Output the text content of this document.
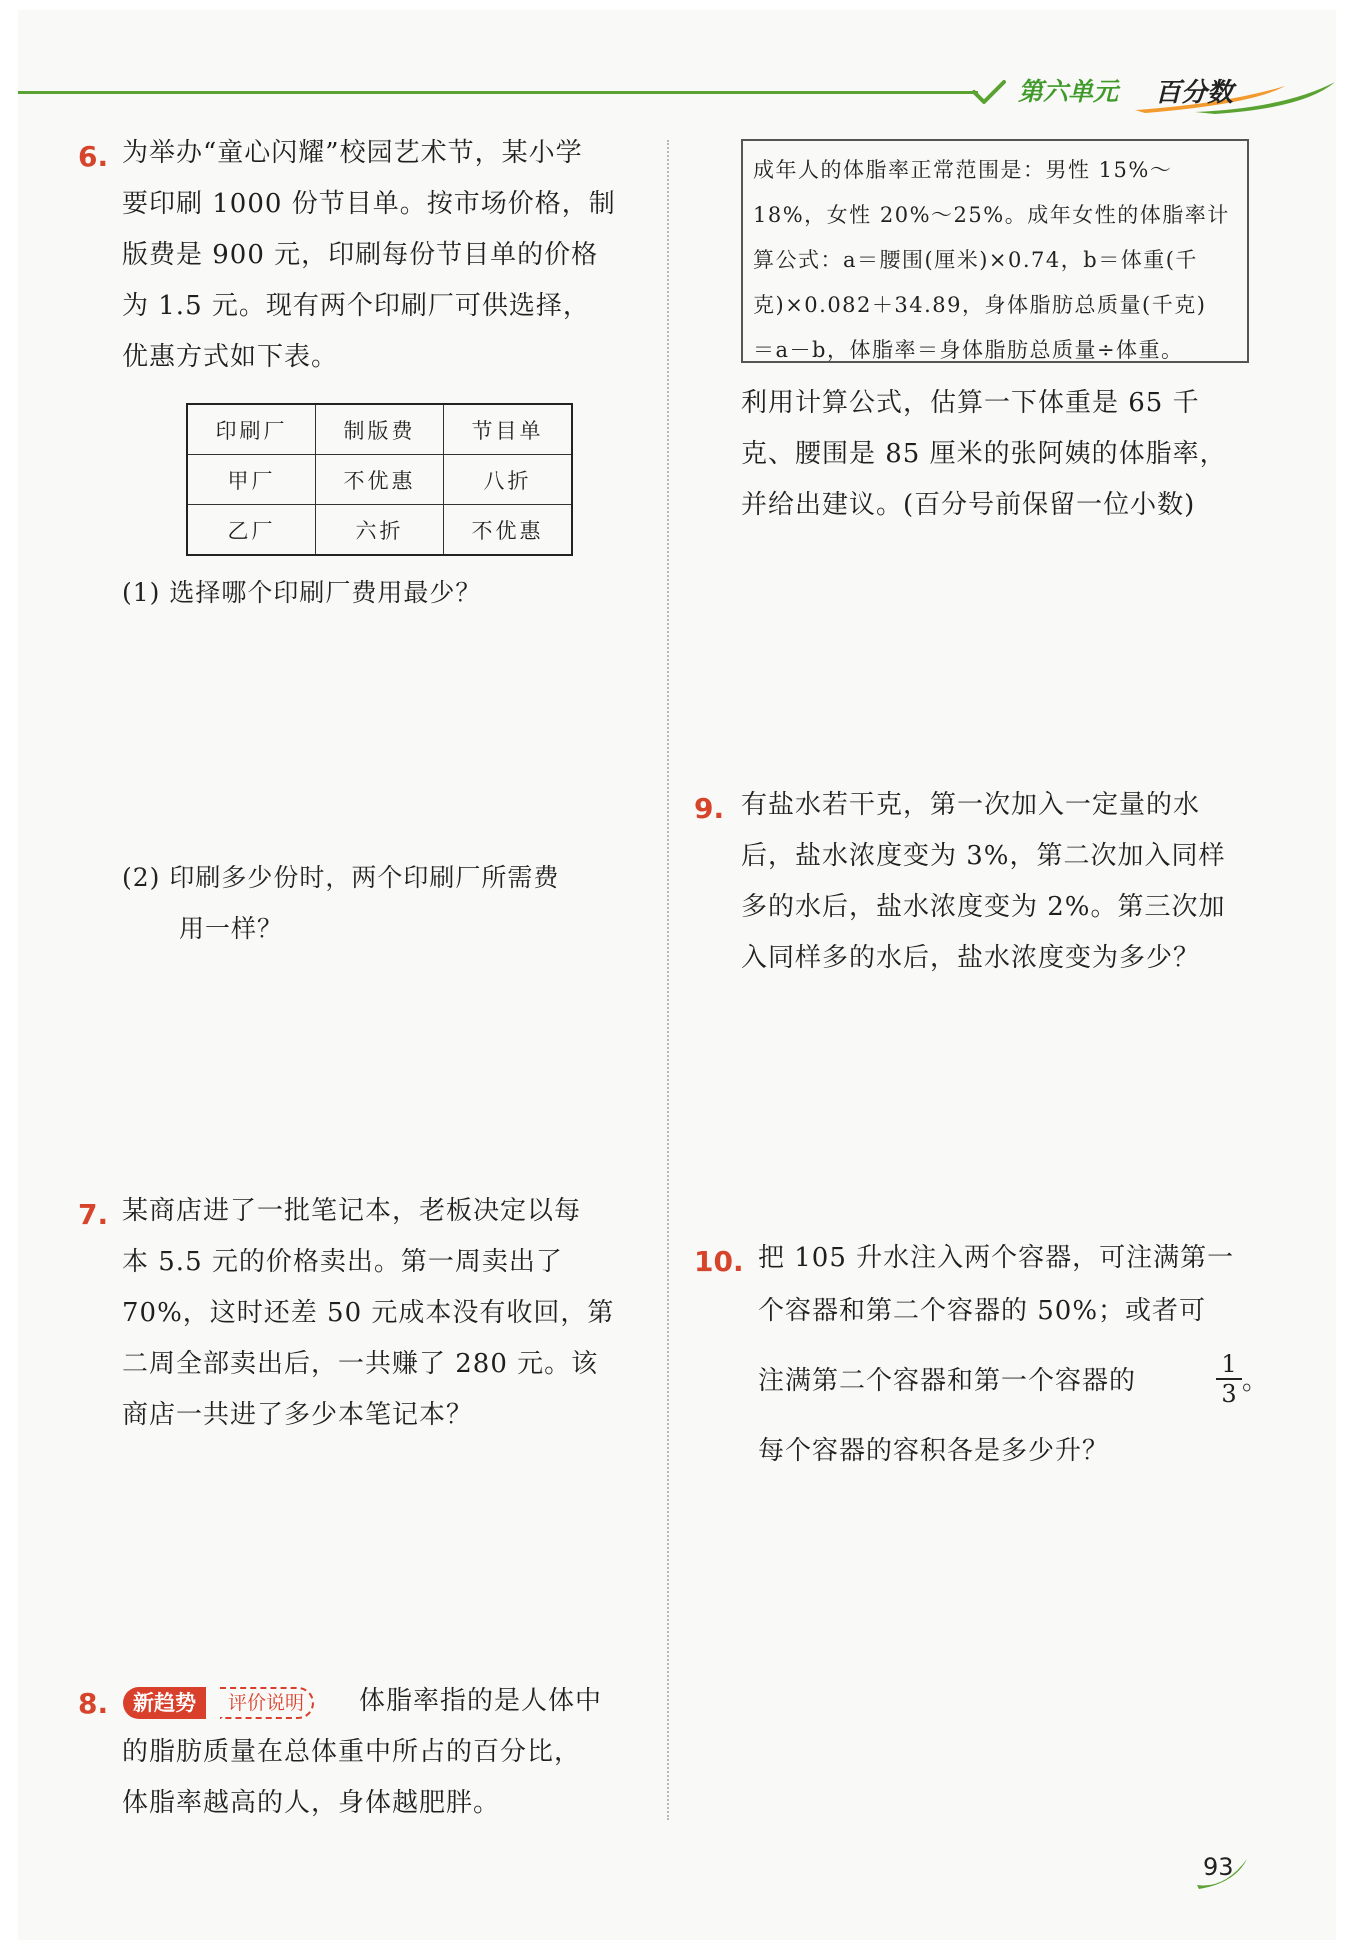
第六单元 百分数
6. 为举办“童心闪耀”校园艺术节，某小学
要印刷 1000 份节目单。按市场价格，制
版费是 900 元，印刷每份节目单的价格
为 1.5 元。现有两个印刷厂可供选择，
优惠方式如下表。
印刷厂	制版费	节目单
甲厂	不优惠	八折
乙厂	六折	不优惠
(1) 选择哪个印刷厂费用最少？
(2) 印刷多少份时，两个印刷厂所需费
用一样？
7. 某商店进了一批笔记本，老板决定以每
本 5.5 元的价格卖出。第一周卖出了
70%，这时还差 50 元成本没有收回，第
二周全部卖出后，一共赚了 280 元。该
商店一共进了多少本笔记本？
8.	新趋势	评价说明	体脂率指的是人体中
的脂肪质量在总体重中所占的百分比，
体脂率越高的人，身体越肥胖。
成年人的体脂率正常范围是：男性 15%～
18%，女性 20%～25%。成年女性的体脂率计
算公式：a＝腰围(厘米)×0.74，b＝体重(千
克)×0.082＋34.89，身体脂肪总质量(千克)
＝a－b，体脂率＝身体脂肪总质量÷体重。
利用计算公式，估算一下体重是 65 千
克、腰围是 85 厘米的张阿姨的体脂率，
并给出建议。(百分号前保留一位小数)
9. 有盐水若干克，第一次加入一定量的水
后，盐水浓度变为 3%，第二次加入同样
多的水后，盐水浓度变为 2%。第三次加
入同样多的水后，盐水浓度变为多少？
10. 把 105 升水注入两个容器，可注满第一
个容器和第二个容器的 50%；或者可
注满第二个容器和第一个容器的	$\frac{1}{3}$ 。
每个容器的容积各是多少升？
93
